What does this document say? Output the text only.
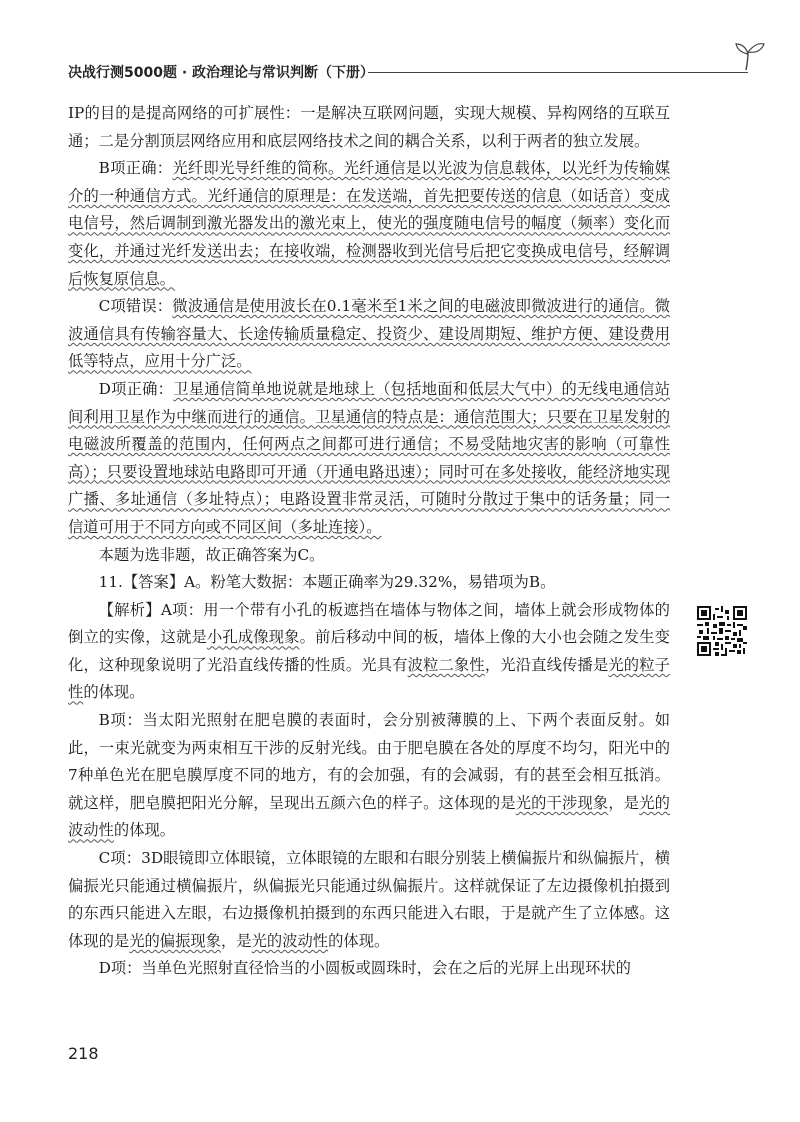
决战行测5000题 · 政治理论与常识判断（下册）

IP的目的是提高网络的可扩展性：一是解决互联网问题，实现大规模、异构网络的互联互通；二是分割顶层网络应用和底层网络技术之间的耦合关系，以利于两者的独立发展。

B项正确：光纤即光导纤维的简称。光纤通信是以光波为信息载体，以光纤为传输媒介的一种通信方式。光纤通信的原理是：在发送端，首先把要传送的信息（如话音）变成电信号，然后调制到激光器发出的激光束上，使光的强度随电信号的幅度（频率）变化而变化，并通过光纤发送出去；在接收端，检测器收到光信号后把它变换成电信号，经解调后恢复原信息。

C项错误：微波通信是使用波长在0.1毫米至1米之间的电磁波即微波进行的通信。微波通信具有传输容量大、长途传输质量稳定、投资少、建设周期短、维护方便、建设费用低等特点，应用十分广泛。

D项正确：卫星通信简单地说就是地球上（包括地面和低层大气中）的无线电通信站间利用卫星作为中继而进行的通信。卫星通信的特点是：通信范围大；只要在卫星发射的电磁波所覆盖的范围内，任何两点之间都可进行通信；不易受陆地灾害的影响（可靠性高）；只要设置地球站电路即可开通（开通电路迅速）；同时可在多处接收，能经济地实现广播、多址通信（多址特点）；电路设置非常灵活，可随时分散过于集中的话务量；同一信道可用于不同方向或不同区间（多址连接）。

本题为选非题，故正确答案为C。

11.【答案】A。粉笔大数据：本题正确率为29.32%，易错项为B。

【解析】A项：用一个带有小孔的板遮挡在墙体与物体之间，墙体上就会形成物体的倒立的实像，这就是小孔成像现象。前后移动中间的板，墙体上像的大小也会随之发生变化，这种现象说明了光沿直线传播的性质。光具有波粒二象性，光沿直线传播是光的粒子性的体现。

B项：当太阳光照射在肥皂膜的表面时，会分别被薄膜的上、下两个表面反射。如此，一束光就变为两束相互干涉的反射光线。由于肥皂膜在各处的厚度不均匀，阳光中的7种单色光在肥皂膜厚度不同的地方，有的会加强，有的会减弱，有的甚至会相互抵消。就这样，肥皂膜把阳光分解，呈现出五颜六色的样子。这体现的是光的干涉现象，是光的波动性的体现。

C项：3D眼镜即立体眼镜，立体眼镜的左眼和右眼分别装上横偏振片和纵偏振片，横偏振光只能通过横偏振片，纵偏振光只能通过纵偏振片。这样就保证了左边摄像机拍摄到的东西只能进入左眼，右边摄像机拍摄到的东西只能进入右眼，于是就产生了立体感。这体现的是光的偏振现象，是光的波动性的体现。

D项：当单色光照射直径恰当的小圆板或圆珠时，会在之后的光屏上出现环状的

218
